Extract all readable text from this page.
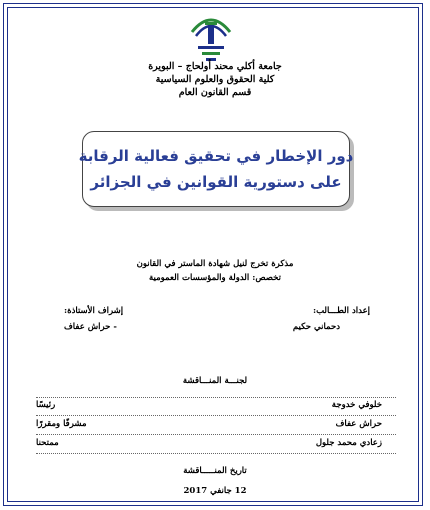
جامعة أكلي محند أولحاج – البويرة
كلية الحقوق والعلوم السياسية
قسم القانون العام
دور الإخطار في تحقيق فعالية الرقابة
على دستورية القوانين في الجزائر
مذكرة تخرج لنيل شهادة الماستر في القانون
تخصص: الدولة والمؤسسات العمومية
إعداد الطـــالب:
دحماني حكيم
إشراف الأستاذة:
- حراش عفاف
لجنـــة المنـــاقشة
خلوفي خدوجة
رئيسًا
حراش عفاف
مشرفًا ومقررًا
زعادي محمد جلول
ممتحنا
تاريخ المنـــــاقشة
12 جانفي 2017
